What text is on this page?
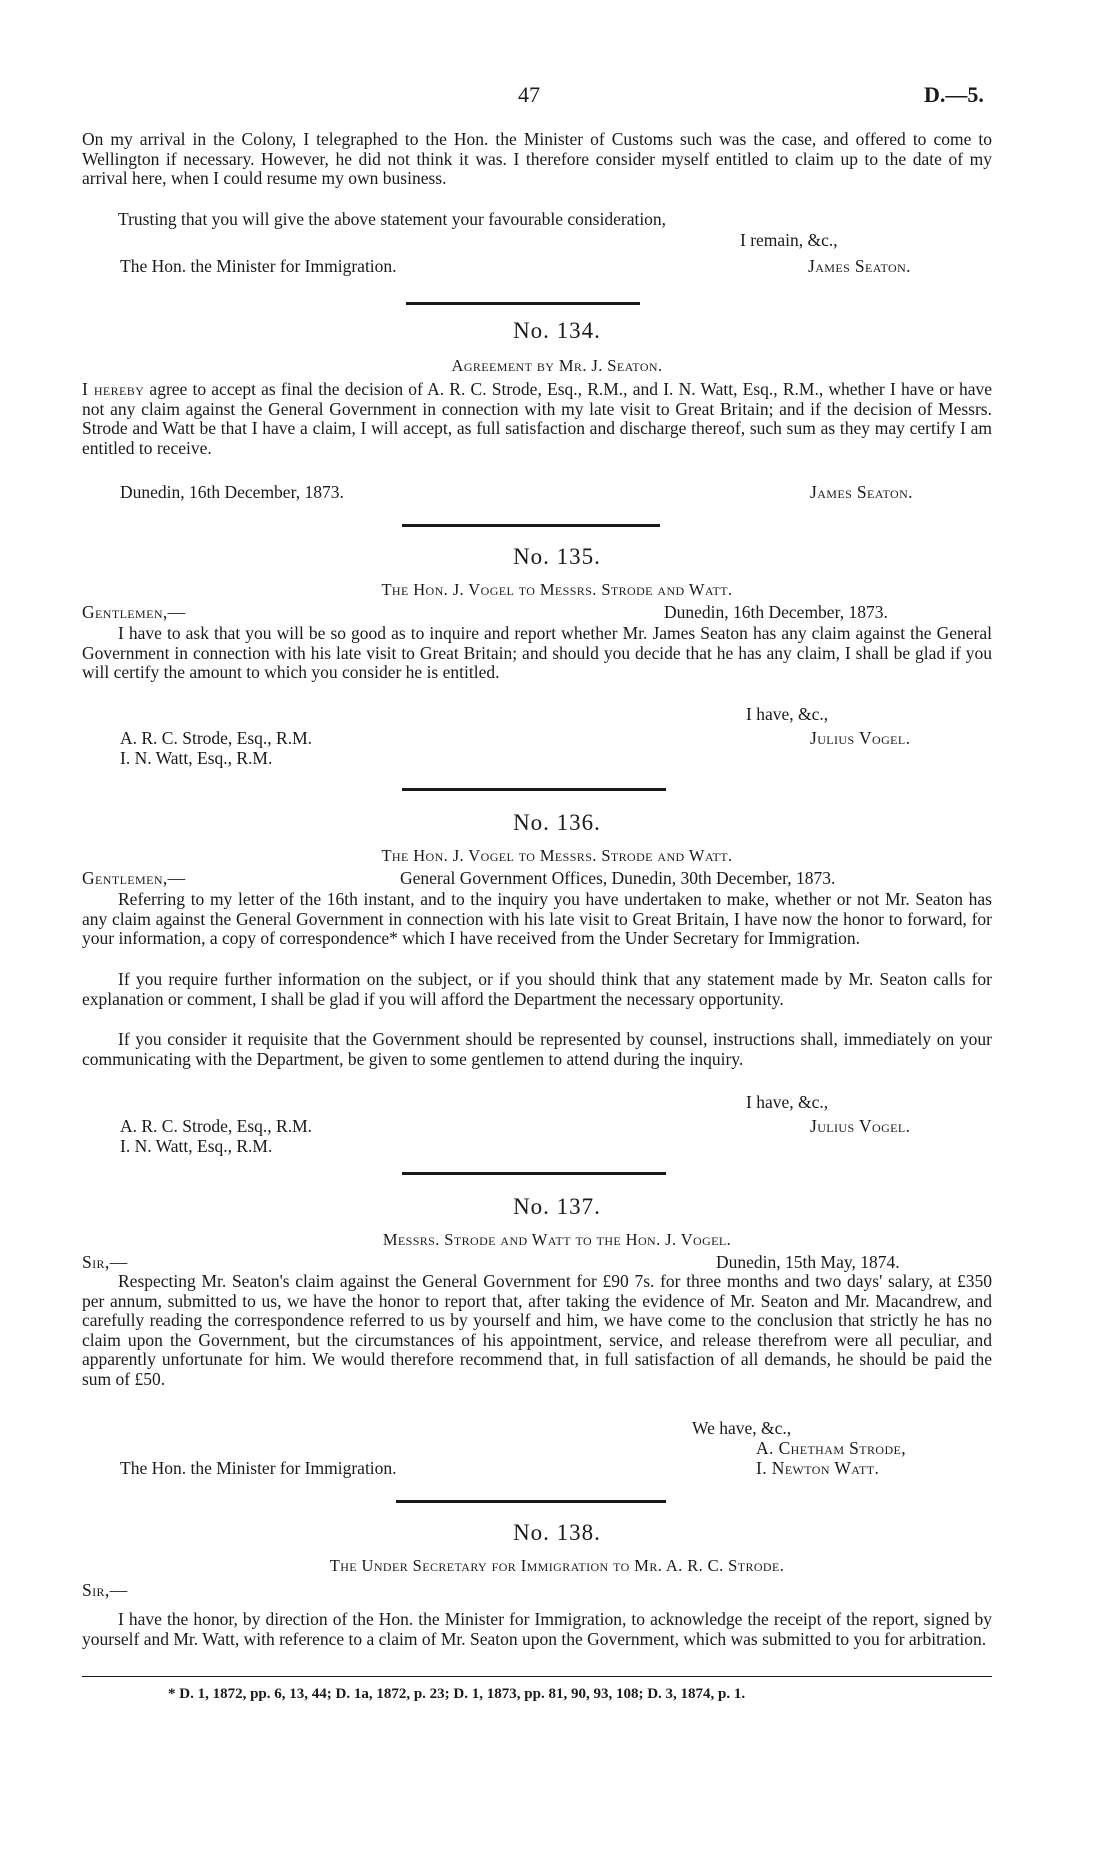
47	D.—5.
On my arrival in the Colony, I telegraphed to the Hon. the Minister of Customs such was the case, and offered to come to Wellington if necessary. However, he did not think it was. I therefore consider myself entitled to claim up to the date of my arrival here, when I could resume my own business.
Trusting that you will give the above statement your favourable consideration,
I remain, &c.,
The Hon. the Minister for Immigration.	James Seaton.
No. 134.
Agreement by Mr. J. Seaton.
I hereby agree to accept as final the decision of A. R. C. Strode, Esq., R.M., and I. N. Watt, Esq., R.M., whether I have or have not any claim against the General Government in connection with my late visit to Great Britain; and if the decision of Messrs. Strode and Watt be that I have a claim, I will accept, as full satisfaction and discharge thereof, such sum as they may certify I am entitled to receive.
Dunedin, 16th December, 1873.	James Seaton.
No. 135.
The Hon. J. Vogel to Messrs. Strode and Watt.
Gentlemen,—	Dunedin, 16th December, 1873.
I have to ask that you will be so good as to inquire and report whether Mr. James Seaton has any claim against the General Government in connection with his late visit to Great Britain; and should you decide that he has any claim, I shall be glad if you will certify the amount to which you consider he is entitled.
I have, &c.,
A. R. C. Strode, Esq., R.M.	Julius Vogel.
I. N. Watt, Esq., R.M.
No. 136.
The Hon. J. Vogel to Messrs. Strode and Watt.
Gentlemen,—	General Government Offices, Dunedin, 30th December, 1873.
Referring to my letter of the 16th instant, and to the inquiry you have undertaken to make, whether or not Mr. Seaton has any claim against the General Government in connection with his late visit to Great Britain, I have now the honor to forward, for your information, a copy of correspondence* which I have received from the Under Secretary for Immigration.
If you require further information on the subject, or if you should think that any statement made by Mr. Seaton calls for explanation or comment, I shall be glad if you will afford the Department the necessary opportunity.
If you consider it requisite that the Government should be represented by counsel, instructions shall, immediately on your communicating with the Department, be given to some gentlemen to attend during the inquiry.
I have, &c.,
A. R. C. Strode, Esq., R.M.	Julius Vogel.
I. N. Watt, Esq., R.M.
No. 137.
Messrs. Strode and Watt to the Hon. J. Vogel.
Sir,—	Dunedin, 15th May, 1874.
Respecting Mr. Seaton's claim against the General Government for £90 7s. for three months and two days' salary, at £350 per annum, submitted to us, we have the honor to report that, after taking the evidence of Mr. Seaton and Mr. Macandrew, and carefully reading the correspondence referred to us by yourself and him, we have come to the conclusion that strictly he has no claim upon the Government, but the circumstances of his appointment, service, and release therefrom were all peculiar, and apparently unfortunate for him. We would therefore recommend that, in full satisfaction of all demands, he should be paid the sum of £50.
We have, &c.,
A. Chetham Strode,
The Hon. the Minister for Immigration.	I. Newton Watt.
No. 138.
The Under Secretary for Immigration to Mr. A. R. C. Strode.
Sir,—
I have the honor, by direction of the Hon. the Minister for Immigration, to acknowledge the receipt of the report, signed by yourself and Mr. Watt, with reference to a claim of Mr. Seaton upon the Government, which was submitted to you for arbitration.
* D. 1, 1872, pp. 6, 13, 44; D. 1a, 1872, p. 23; D. 1, 1873, pp. 81, 90, 93, 108; D. 3, 1874, p. 1.
